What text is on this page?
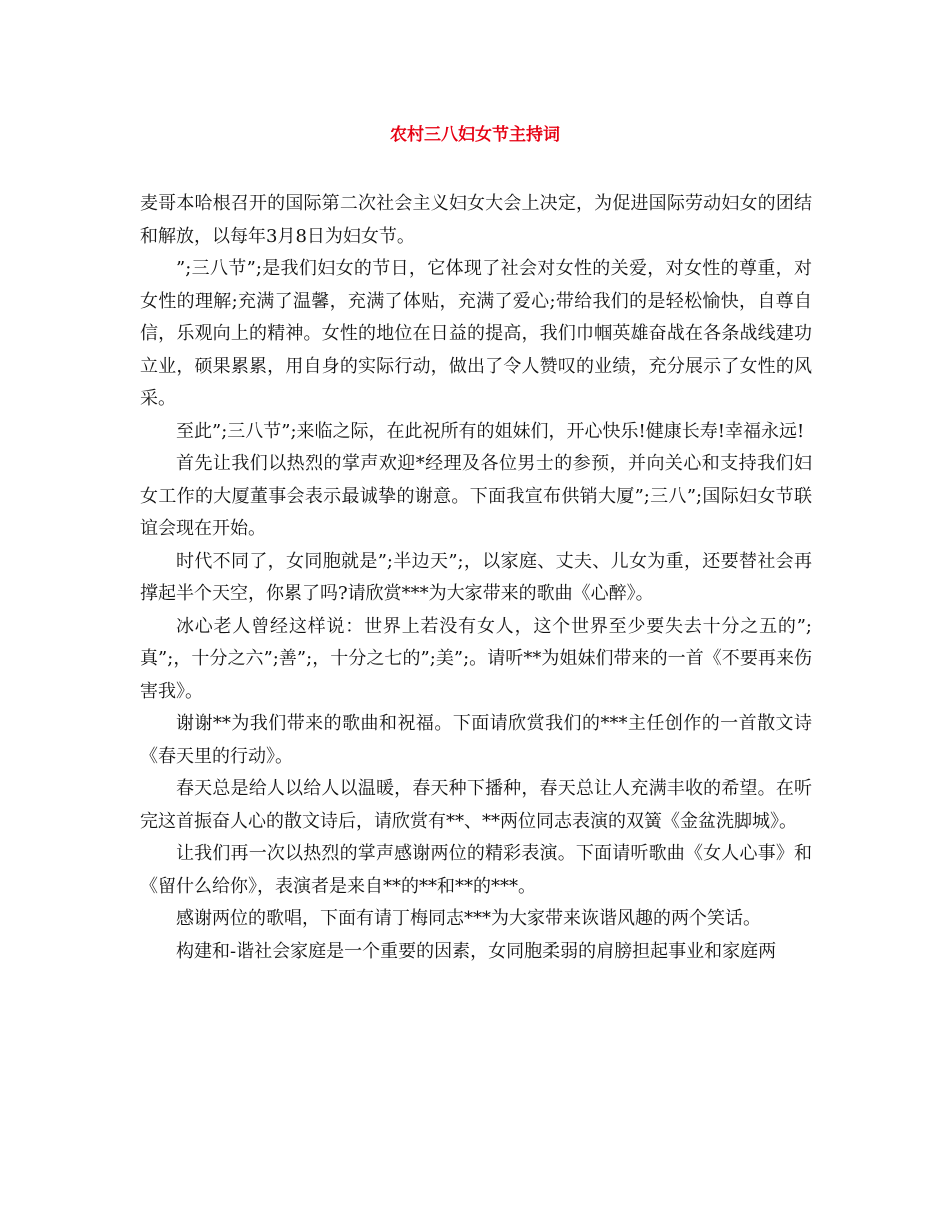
农村三八妇女节主持词

麦哥本哈根召开的国际第二次社会主义妇女大会上决定，为促进国际劳动妇女的团结和解放，以每年3月8日为妇女节。

”;三八节”;是我们妇女的节日，它体现了社会对女性的关爱，对女性的尊重，对女性的理解;充满了温馨，充满了体贴，充满了爱心;带给我们的是轻松愉快，自尊自信，乐观向上的精神。女性的地位在日益的提高，我们巾帼英雄奋战在各条战线建功立业，硕果累累，用自身的实际行动，做出了令人赞叹的业绩，充分展示了女性的风采。

至此”;三八节”;来临之际，在此祝所有的姐妹们，开心快乐!健康长寿!幸福永远!

首先让我们以热烈的掌声欢迎*经理及各位男士的参预，并向关心和支持我们妇女工作的大厦董事会表示最诚挚的谢意。下面我宣布供销大厦”;三八”;国际妇女节联谊会现在开始。

时代不同了，女同胞就是”;半边天”;，以家庭、丈夫、儿女为重，还要替社会再撑起半个天空，你累了吗?请欣赏***为大家带来的歌曲《心醉》。

冰心老人曾经这样说：世界上若没有女人，这个世界至少要失去十分之五的”;真”;，十分之六”;善”;，十分之七的”;美”;。请听**为姐妹们带来的一首《不要再来伤害我》。

谢谢**为我们带来的歌曲和祝福。下面请欣赏我们的***主任创作的一首散文诗《春天里的行动》。

春天总是给人以给人以温暖，春天种下播种，春天总让人充满丰收的希望。在听完这首振奋人心的散文诗后，请欣赏有**、**两位同志表演的双簧《金盆洗脚城》。

让我们再一次以热烈的掌声感谢两位的精彩表演。下面请听歌曲《女人心事》和《留什么给你》，表演者是来自**的**和**的***。

感谢两位的歌唱，下面有请丁梅同志***为大家带来诙谐风趣的两个笑话。

构建和-谐社会家庭是一个重要的因素，女同胞柔弱的肩膀担起事业和家庭两
